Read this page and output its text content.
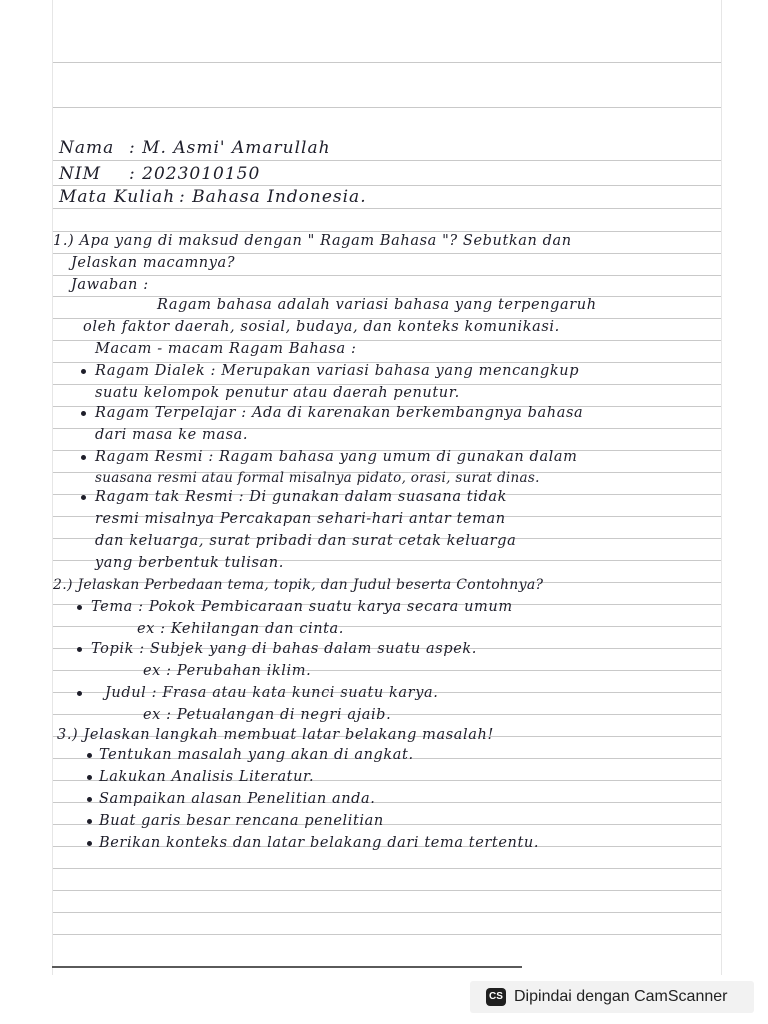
Nama : M. Asmi' Amarullah
NIM : 2023010150
Mata Kuliah : Bahasa Indonesia.
1.) Apa yang di maksud dengan " Ragam Bahasa "? Sebutkan dan
Jelaskan macamnya?
Jawaban :
Ragam bahasa adalah variasi bahasa yang terpengaruh
oleh faktor daerah, sosial, budaya, dan konteks komunikasi.
Macam - macam Ragam Bahasa :
Ragam Dialek : Merupakan variasi bahasa yang mencangkup
suatu kelompok penutur atau daerah penutur.
Ragam Terpelajar : Ada di karenakan berkembangnya bahasa
dari masa ke masa.
Ragam Resmi : Ragam bahasa yang umum di gunakan dalam
suasana resmi atau formal misalnya pidato, orasi, surat dinas.
Ragam tak Resmi : Di gunakan dalam suasana tidak
resmi misalnya Percakapan sehari-hari antar teman
dan keluarga, surat pribadi dan surat cetak keluarga
yang berbentuk tulisan.
2.) Jelaskan Perbedaan tema, topik, dan Judul beserta Contohnya?
Tema : Pokok Pembicaraan suatu karya secara umum
ex : Kehilangan dan cinta.
Topik : Subjek yang di bahas dalam suatu aspek.
ex : Perubahan iklim.
Judul : Frasa atau kata kunci suatu karya.
ex : Petualangan di negri ajaib.
3.) Jelaskan langkah membuat latar belakang masalah!
Tentukan masalah yang akan di angkat.
Lakukan Analisis Literatur.
Sampaikan alasan Penelitian anda.
Buat garis besar rencana penelitian
Berikan konteks dan latar belakang dari tema tertentu.
CS Dipindai dengan CamScanner
